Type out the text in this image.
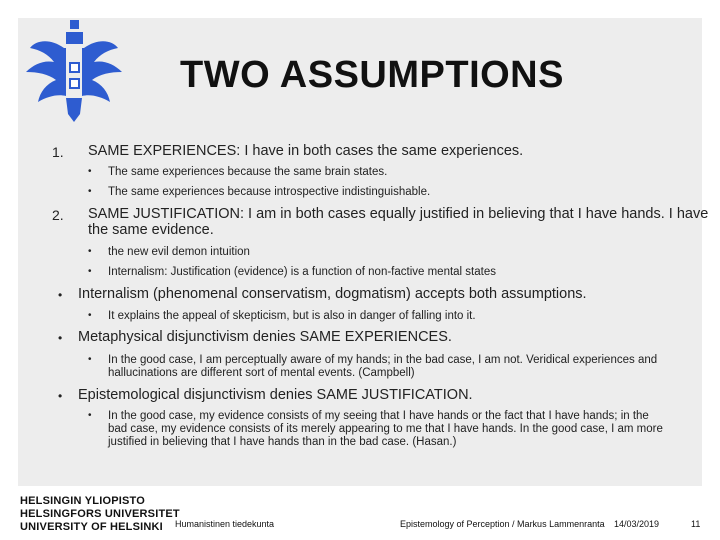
TWO ASSUMPTIONS
1. SAME EXPERIENCES: I have in both cases the same experiences.
• The same experiences because the same brain states.
• The same experiences because introspective indistinguishable.
2. SAME JUSTIFICATION: I am in both cases equally justified in believing that I have hands. I have
the same evidence.
• the new evil demon intuition
• Internalism: Justification (evidence) is a function of non-factive mental states
• Internalism (phenomenal conservatism, dogmatism) accepts both assumptions.
• It explains the appeal of skepticism, but is also in danger of falling into it.
• Metaphysical disjunctivism denies SAME EXPERIENCES.
• In the good case, I am perceptually aware of my hands; in the bad case, I am not. Veridical experiences and
hallucinations are different sort of mental events. (Campbell)
• Epistemological disjunctivism denies SAME JUSTIFICATION.
• In the good case, my evidence consists of my seeing that I have hands or the fact that I have hands; in the
bad case, my evidence consists of its merely appearing to me that I have hands. In the good case, I am more
justified in believing that I have hands than in the bad case. (Hasan.)
HELSINGIN YLIOPISTO
HELSINGFORS UNIVERSITET
UNIVERSITY OF HELSINKI	Humanistinen tiedekunta	Epistemology of Perception / Markus Lammenranta 14/03/2019	11
